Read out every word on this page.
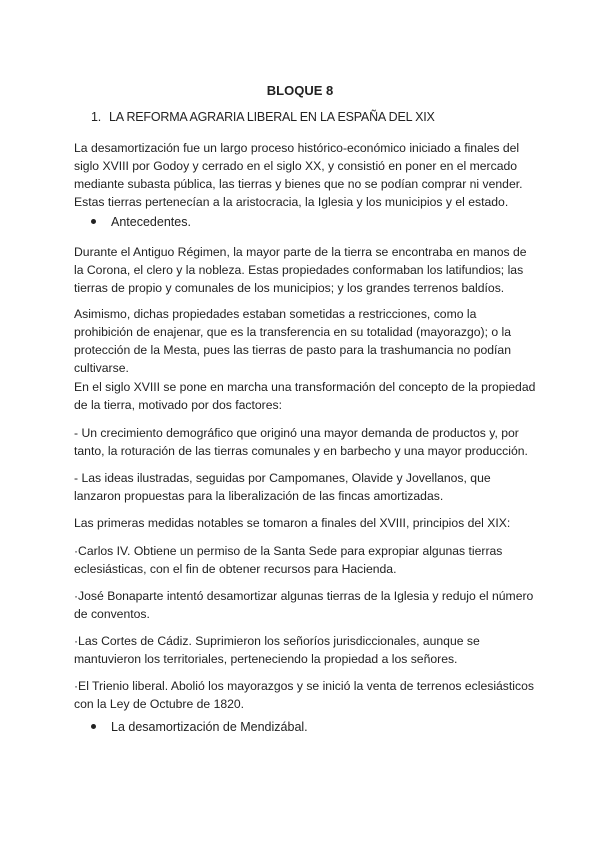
BLOQUE 8
1. LA REFORMA AGRARIA LIBERAL EN LA ESPAÑA DEL XIX
La desamortización fue un largo proceso histórico-económico iniciado a finales del siglo XVIII por Godoy y cerrado en el siglo XX, y consistió en poner en el mercado mediante subasta pública, las tierras y bienes que no se podían comprar ni vender. Estas tierras pertenecían a la aristocracia, la Iglesia y los municipios y el estado.
Antecedentes.
Durante el Antiguo Régimen, la mayor parte de la tierra se encontraba en manos de la Corona, el clero y la nobleza. Estas propiedades conformaban los latifundios; las tierras de propio y comunales de los municipios; y los grandes terrenos baldíos.
Asimismo, dichas propiedades estaban sometidas a restricciones, como la prohibición de enajenar, que es la transferencia en su totalidad (mayorazgo); o la protección de la Mesta, pues las tierras de pasto para la trashumancia no podían cultivarse.
En el siglo XVIII se pone en marcha una transformación del concepto de la propiedad de la tierra, motivado por dos factores:
- Un crecimiento demográfico que originó una mayor demanda de productos y, por tanto, la roturación de las tierras comunales y en barbecho y una mayor producción.
- Las ideas ilustradas, seguidas por Campomanes, Olavide y Jovellanos, que lanzaron propuestas para la liberalización de las fincas amortizadas.
Las primeras medidas notables se tomaron a finales del XVIII, principios del XIX:
·Carlos IV. Obtiene un permiso de la Santa Sede para expropiar algunas tierras eclesiásticas, con el fin de obtener recursos para Hacienda.
·José Bonaparte intentó desamortizar algunas tierras de la Iglesia y redujo el número de conventos.
·Las Cortes de Cádiz. Suprimieron los señoríos jurisdiccionales, aunque se mantuvieron los territoriales, perteneciendo la propiedad a los señores.
·El Trienio liberal. Abolió los mayorazgos y se inició la venta de terrenos eclesiásticos con la Ley de Octubre de 1820.
La desamortización de Mendizábal.
